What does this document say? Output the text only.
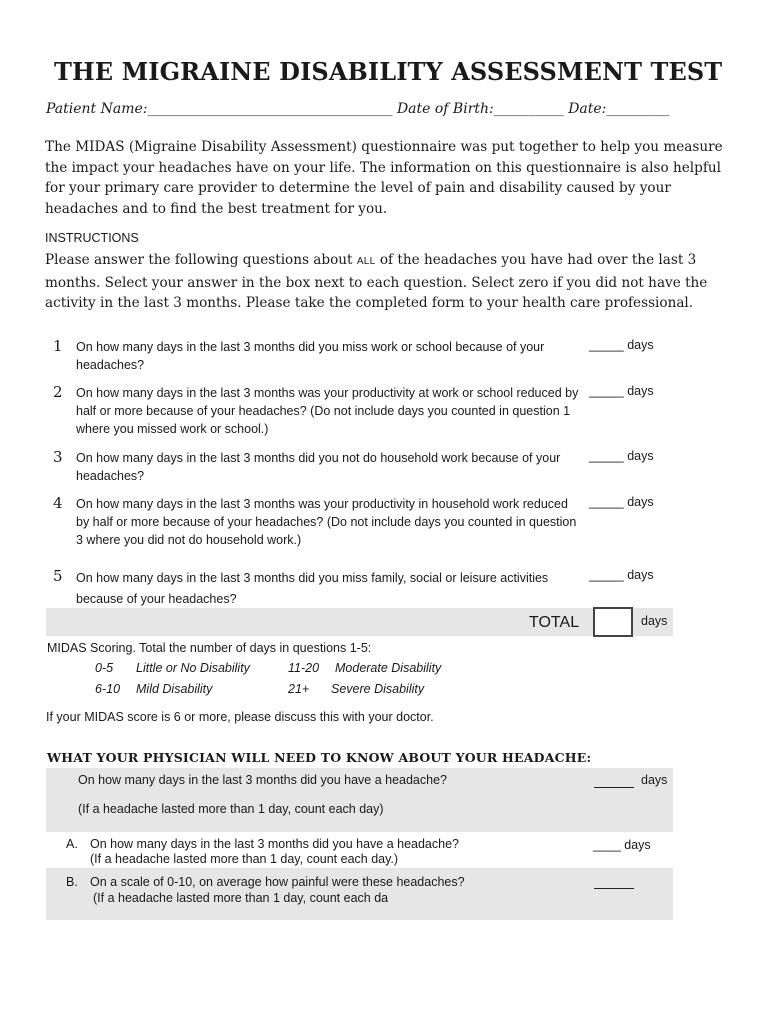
THE MIGRAINE DISABILITY ASSESSMENT TEST
Patient Name:___________________________________ Date of Birth:__________ Date:_________
The MIDAS (Migraine Disability Assessment) questionnaire was put together to help you measure the impact your headaches have on your life. The information on this questionnaire is also helpful for your primary care provider to determine the level of pain and disability caused by your headaches and to find the best treatment for you.
INSTRUCTIONS
Please answer the following questions about ALL of the headaches you have had over the last 3 months. Select your answer in the box next to each question. Select zero if you did not have the activity in the last 3 months. Please take the completed form to your health care professional.
1 On how many days in the last 3 months did you miss work or school because of your headaches?
_____ days
2 On how many days in the last 3 months was your productivity at work or school reduced by half or more because of your headaches? (Do not include days you counted in question 1 where you missed work or school.)
_____ days
3 On how many days in the last 3 months did you not do household work because of your headaches?
_____ days
4 On how many days in the last 3 months was your productivity in household work reduced by half or more because of your headaches? (Do not include days you counted in question 3 where you did not do household work.)
_____ days
5 On how many days in the last 3 months did you miss family, social or leisure activities because of your headaches?
_____ days
TOTAL	days
MIDAS Scoring. Total the number of days in questions 1-5:
0-5 Little or No Disability	11-20 Moderate Disability
6-10 Mild Disability	21+ Severe Disability
If your MIDAS score is 6 or more, please discuss this with your doctor.
WHAT YOUR PHYSICIAN WILL NEED TO KNOW ABOUT YOUR HEADACHE:
On how many days in the last 3 months did you have a headache?
(If a headache lasted more than 1 day, count each day)
days
A. On how many days in the last 3 months did you have a headache?
(If a headache lasted more than 1 day, count each day.)
____ days
B. On a scale of 0-10, on average how painful were these headaches?
(If a headache lasted more than 1 day, count each da
